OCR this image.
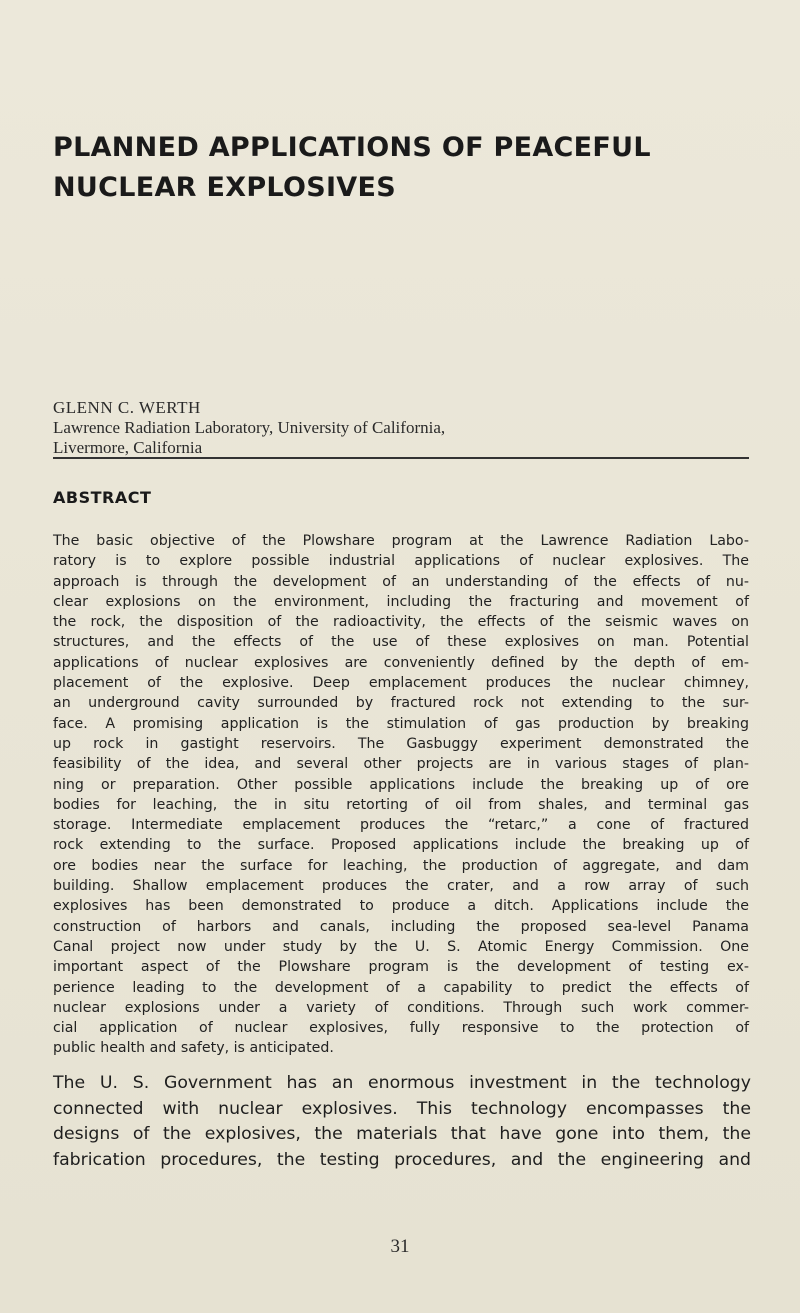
PLANNED APPLICATIONS OF PEACEFUL
NUCLEAR EXPLOSIVES
GLENN C. WERTH
Lawrence Radiation Laboratory, University of California,
Livermore, California
ABSTRACT
The basic objective of the Plowshare program at the Lawrence Radiation Labo-
ratory is to explore possible industrial applications of nuclear explosives. The
approach is through the development of an understanding of the effects of nu-
clear explosions on the environment, including the fracturing and movement of
the rock, the disposition of the radioactivity, the effects of the seismic waves on
structures, and the effects of the use of these explosives on man. Potential
applications of nuclear explosives are conveniently defined by the depth of em-
placement of the explosive. Deep emplacement produces the nuclear chimney,
an underground cavity surrounded by fractured rock not extending to the sur-
face. A promising application is the stimulation of gas production by breaking
up rock in gastight reservoirs. The Gasbuggy experiment demonstrated the
feasibility of the idea, and several other projects are in various stages of plan-
ning or preparation. Other possible applications include the breaking up of ore
bodies for leaching, the in situ retorting of oil from shales, and terminal gas
storage. Intermediate emplacement produces the “retarc,” a cone of fractured
rock extending to the surface. Proposed applications include the breaking up of
ore bodies near the surface for leaching, the production of aggregate, and dam
building. Shallow emplacement produces the crater, and a row array of such
explosives has been demonstrated to produce a ditch. Applications include the
construction of harbors and canals, including the proposed sea-level Panama
Canal project now under study by the U. S. Atomic Energy Commission. One
important aspect of the Plowshare program is the development of testing ex-
perience leading to the development of a capability to predict the effects of
nuclear explosions under a variety of conditions. Through such work commer-
cial application of nuclear explosives, fully responsive to the protection of
public health and safety, is anticipated.
The U. S. Government has an enormous investment in the technology
connected with nuclear explosives. This technology encompasses the
designs of the explosives, the materials that have gone into them, the
fabrication procedures, the testing procedures, and the engineering and
31
